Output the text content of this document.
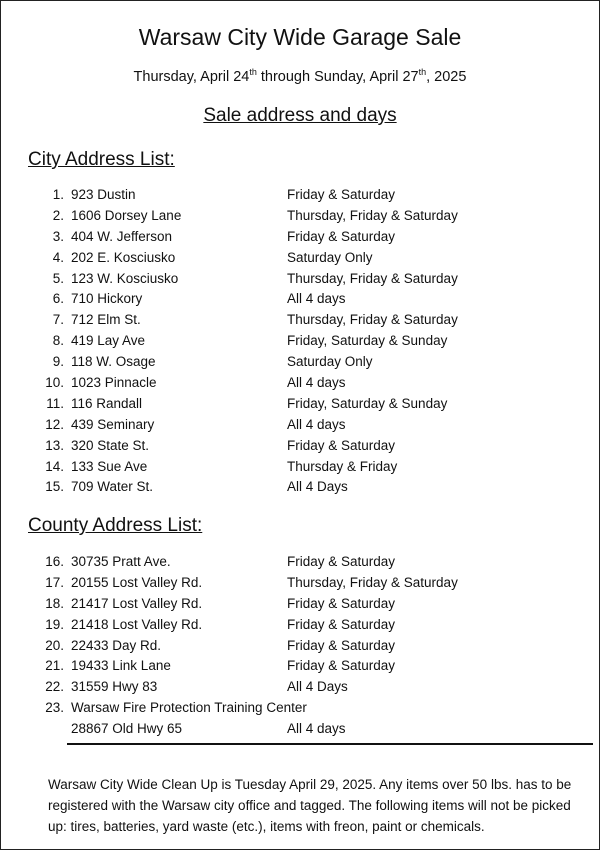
Warsaw City Wide Garage Sale
Thursday, April 24th through Sunday, April 27th, 2025
Sale address and days
City Address List:
1. 923 Dustin	Friday & Saturday
2. 1606 Dorsey Lane	Thursday, Friday & Saturday
3. 404 W. Jefferson	Friday & Saturday
4. 202 E. Kosciusko	Saturday Only
5. 123 W. Kosciusko	Thursday, Friday & Saturday
6. 710 Hickory	All 4 days
7. 712 Elm St.	Thursday, Friday & Saturday
8. 419 Lay Ave	Friday, Saturday & Sunday
9. 118 W. Osage	Saturday Only
10. 1023 Pinnacle	All 4 days
11. 116 Randall	Friday, Saturday & Sunday
12. 439 Seminary	All 4 days
13. 320 State St.	Friday & Saturday
14. 133 Sue Ave	Thursday & Friday
15. 709 Water St.	All 4 Days
County Address List:
16. 30735 Pratt Ave.	Friday & Saturday
17. 20155 Lost Valley Rd.	Thursday, Friday & Saturday
18. 21417 Lost Valley Rd.	Friday & Saturday
19. 21418 Lost Valley Rd.	Friday & Saturday
20. 22433 Day Rd.	Friday & Saturday
21. 19433 Link Lane	Friday & Saturday
22. 31559 Hwy 83	All 4 Days
23. Warsaw Fire Protection Training Center
28867 Old Hwy 65	All 4 days
Warsaw City Wide Clean Up is Tuesday April 29, 2025. Any items over 50 lbs. has to be registered with the Warsaw city office and tagged. The following items will not be picked up: tires, batteries, yard waste (etc.), items with freon, paint or chemicals.
